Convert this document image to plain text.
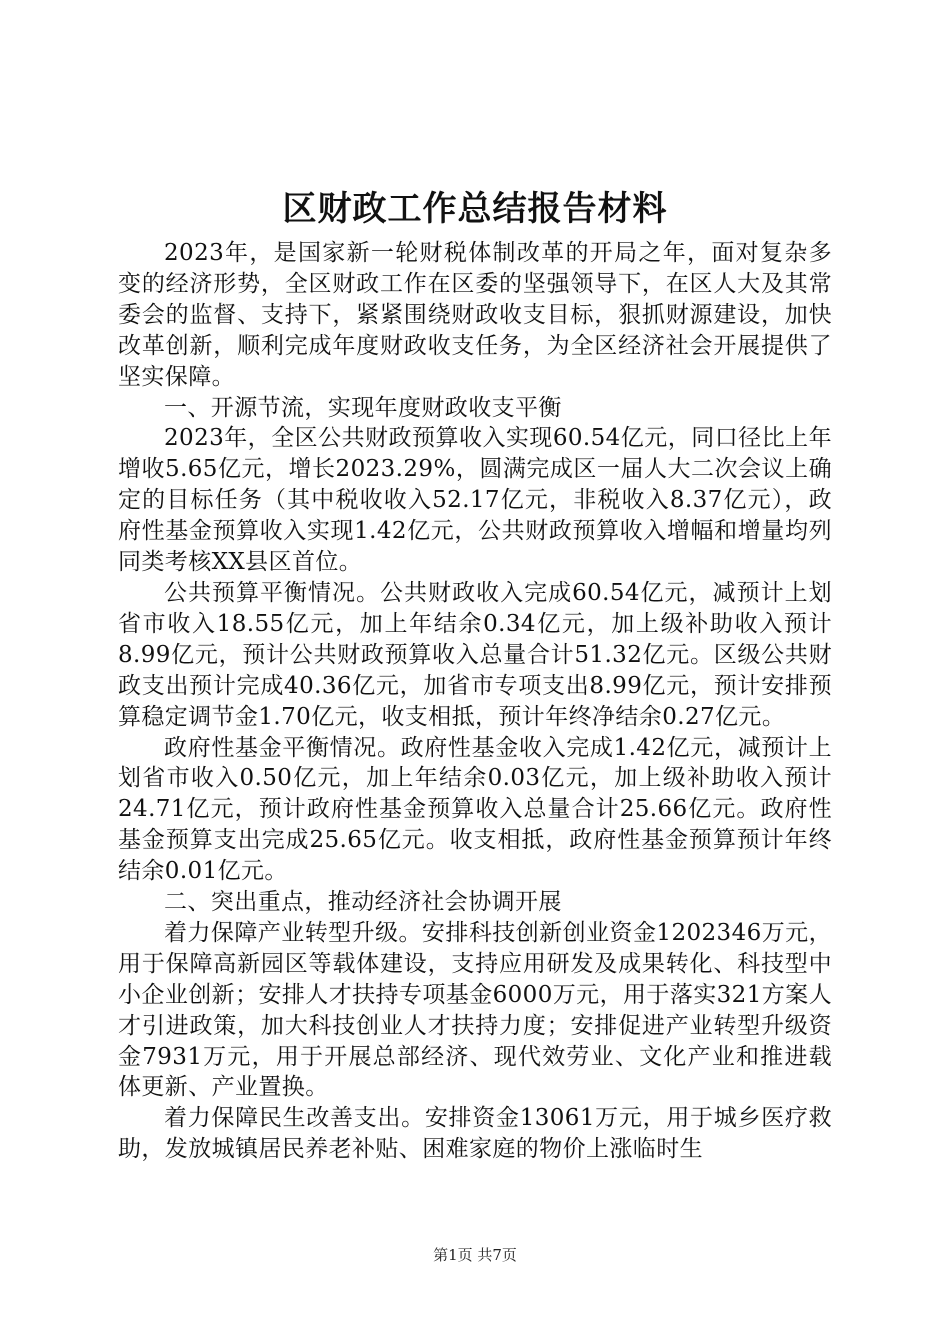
区财政工作总结报告材料

2023年，是国家新一轮财税体制改革的开局之年，面对复杂多变的经济形势，全区财政工作在区委的坚强领导下，在区人大及其常委会的监督、支持下，紧紧围绕财政收支目标，狠抓财源建设，加快改革创新，顺利完成年度财政收支任务，为全区经济社会开展提供了坚实保障。

一、开源节流，实现年度财政收支平衡

2023年，全区公共财政预算收入实现60.54亿元，同口径比上年增收5.65亿元，增长2023.29%，圆满完成区一届人大二次会议上确定的目标任务（其中税收收入52.17亿元，非税收入8.37亿元），政府性基金预算收入实现1.42亿元，公共财政预算收入增幅和增量均列同类考核XX县区首位。

公共预算平衡情况。公共财政收入完成60.54亿元，减预计上划省市收入18.55亿元，加上年结余0.34亿元，加上级补助收入预计8.99亿元，预计公共财政预算收入总量合计51.32亿元。区级公共财政支出预计完成40.36亿元，加省市专项支出8.99亿元，预计安排预算稳定调节金1.70亿元，收支相抵，预计年终净结余0.27亿元。

政府性基金平衡情况。政府性基金收入完成1.42亿元，减预计上划省市收入0.50亿元，加上年结余0.03亿元，加上级补助收入预计24.71亿元，预计政府性基金预算收入总量合计25.66亿元。政府性基金预算支出完成25.65亿元。收支相抵，政府性基金预算预计年终结余0.01亿元。

二、突出重点，推动经济社会协调开展

着力保障产业转型升级。安排科技创新创业资金1202346万元，用于保障高新园区等载体建设，支持应用研发及成果转化、科技型中小企业创新；安排人才扶持专项基金6000万元，用于落实321方案人才引进政策，加大科技创业人才扶持力度；安排促进产业转型升级资金7931万元，用于开展总部经济、现代效劳业、文化产业和推进载体更新、产业置换。

着力保障民生改善支出。安排资金13061万元，用于城乡医疗救助，发放城镇居民养老补贴、困难家庭的物价上涨临时生

第1页 共7页
